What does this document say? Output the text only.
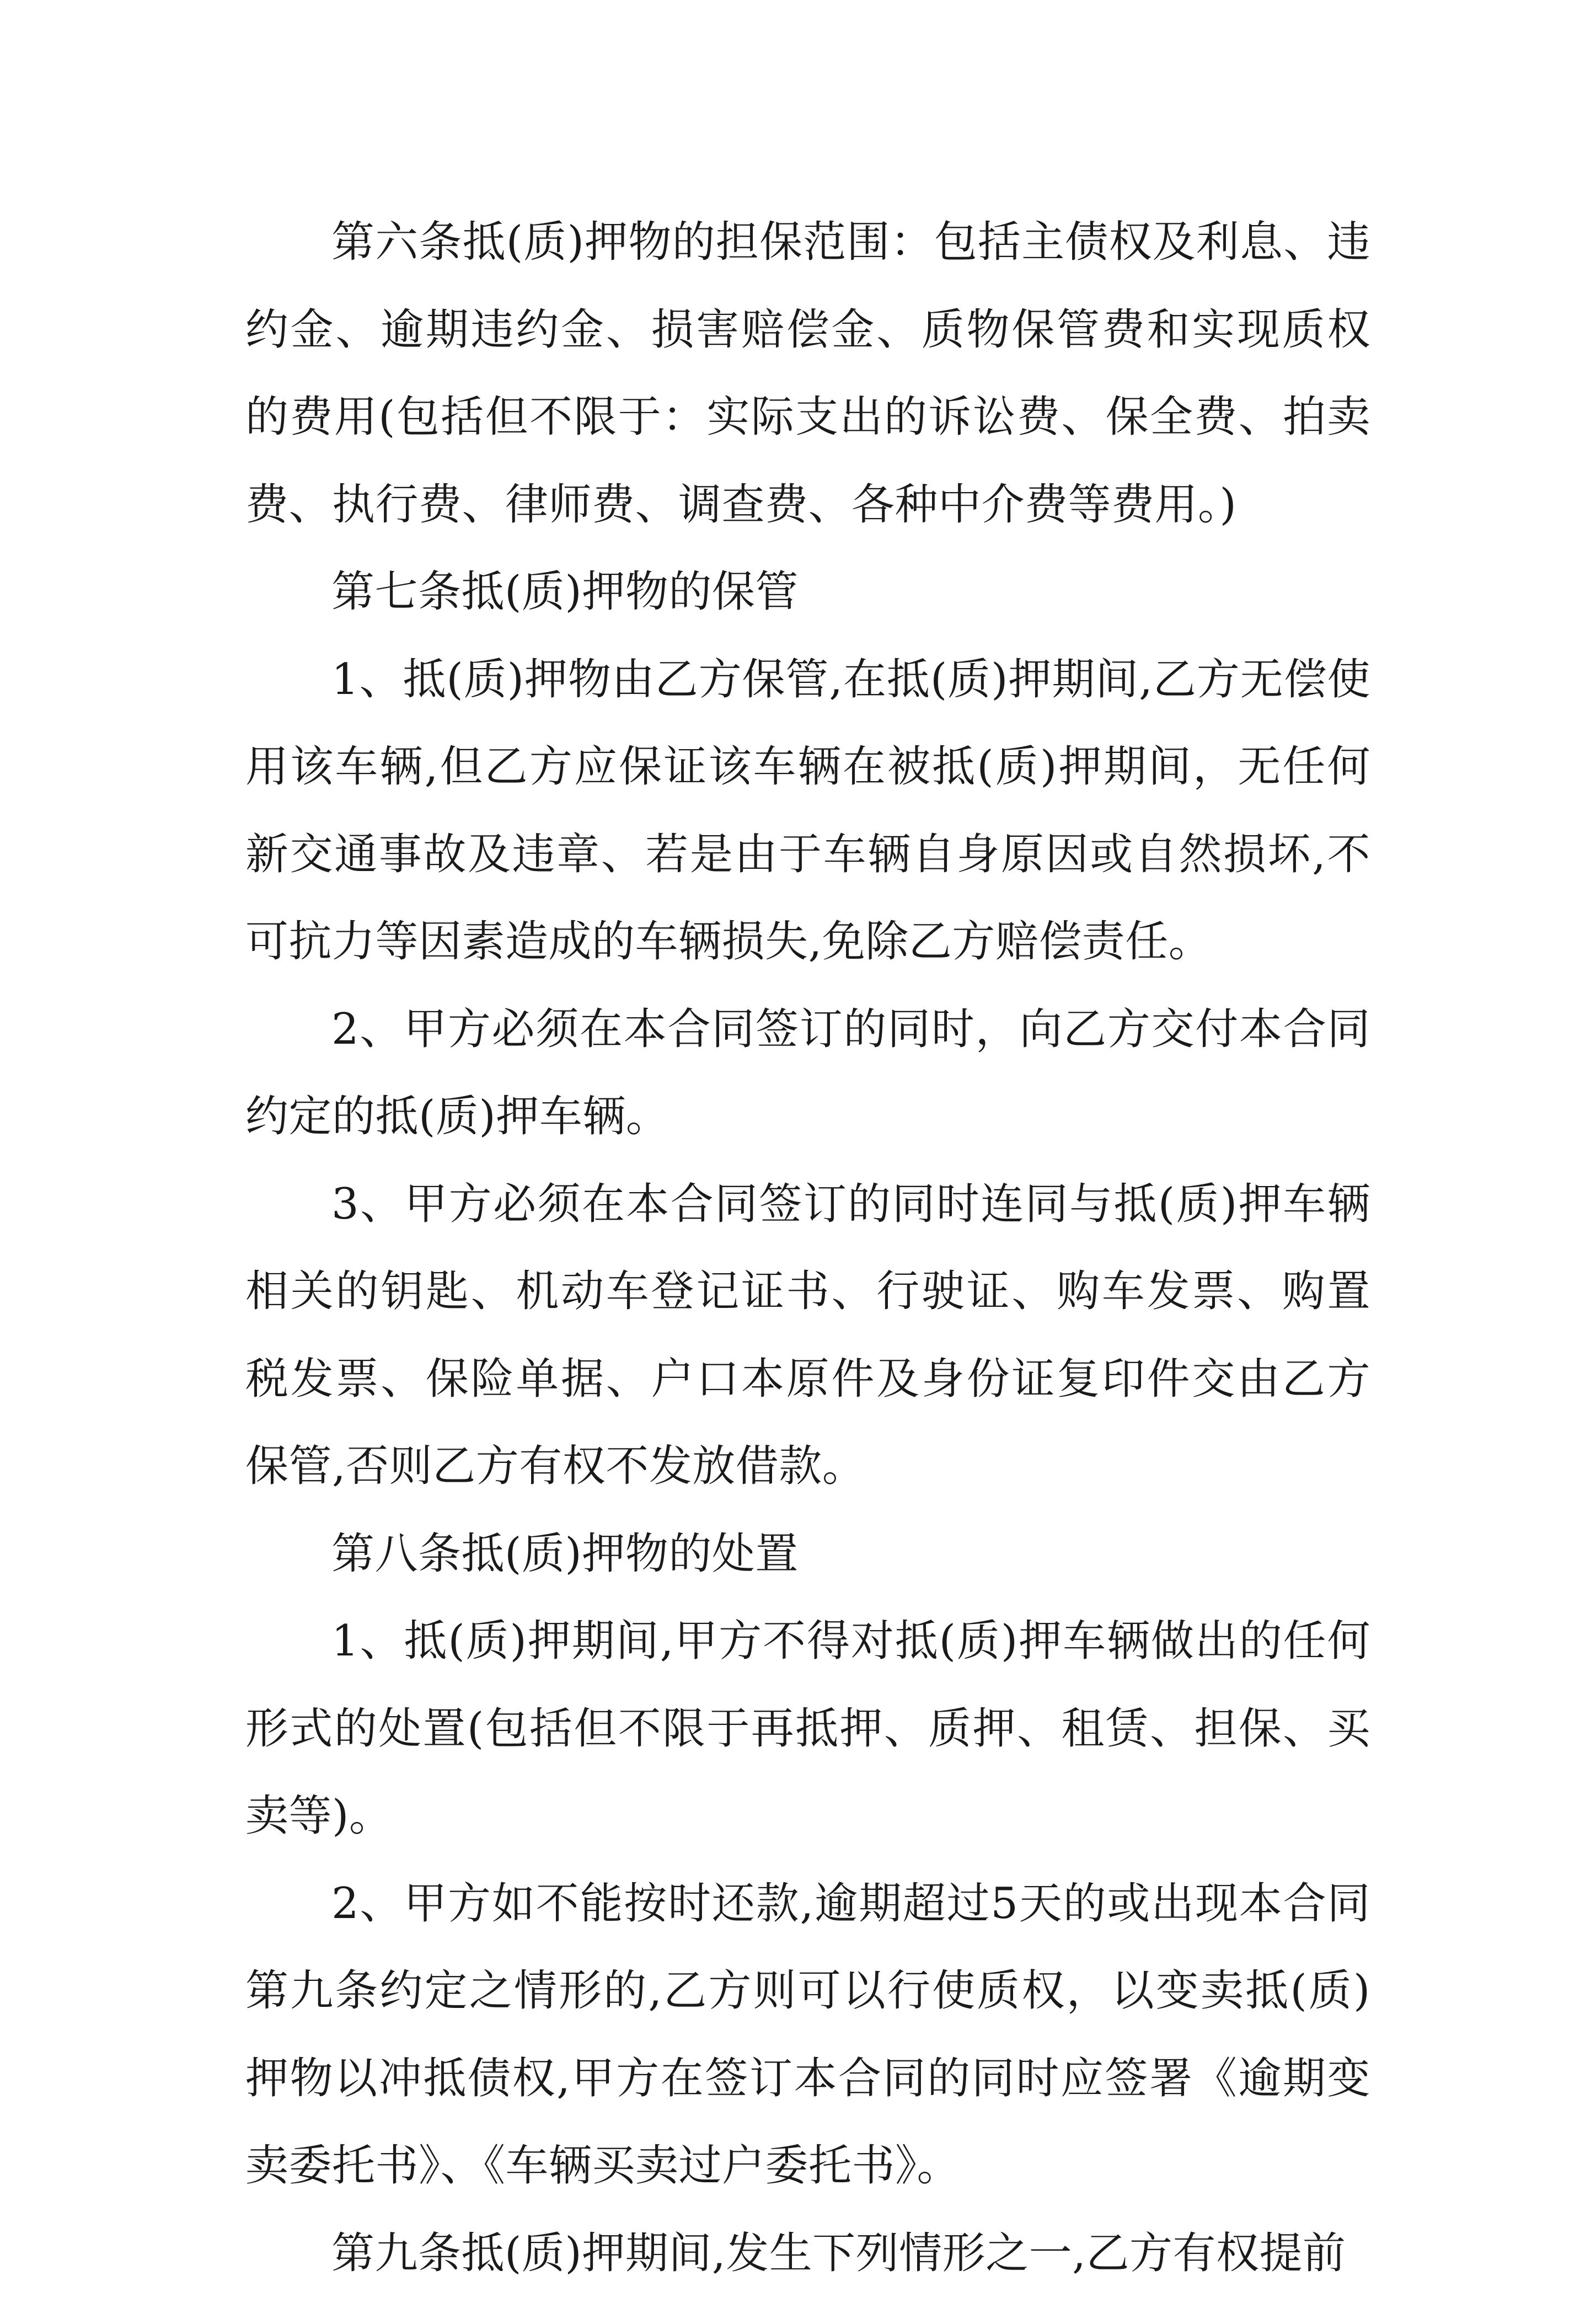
第六条抵(质)押物的担保范围：包括主债权及利息、违约金、逾期违约金、损害赔偿金、质物保管费和实现质权的费用(包括但不限于：实际支出的诉讼费、保全费、拍卖费、执行费、律师费、调查费、各种中介费等费用。)

第七条抵(质)押物的保管

1、抵(质)押物由乙方保管,在抵(质)押期间,乙方无偿使用该车辆,但乙方应保证该车辆在被抵(质)押期间，无任何新交通事故及违章、若是由于车辆自身原因或自然损坏,不可抗力等因素造成的车辆损失,免除乙方赔偿责任。

2、甲方必须在本合同签订的同时，向乙方交付本合同约定的抵(质)押车辆。

3、甲方必须在本合同签订的同时连同与抵(质)押车辆相关的钥匙、机动车登记证书、行驶证、购车发票、购置税发票、保险单据、户口本原件及身份证复印件交由乙方保管,否则乙方有权不发放借款。

第八条抵(质)押物的处置

1、抵(质)押期间,甲方不得对抵(质)押车辆做出的任何形式的处置(包括但不限于再抵押、质押、租赁、担保、买卖等)。

2、甲方如不能按时还款,逾期超过5天的或出现本合同第九条约定之情形的,乙方则可以行使质权，以变卖抵(质)押物以冲抵债权,甲方在签订本合同的同时应签署《逾期变卖委托书》、《车辆买卖过户委托书》。

第九条抵(质)押期间,发生下列情形之一,乙方有权提前
